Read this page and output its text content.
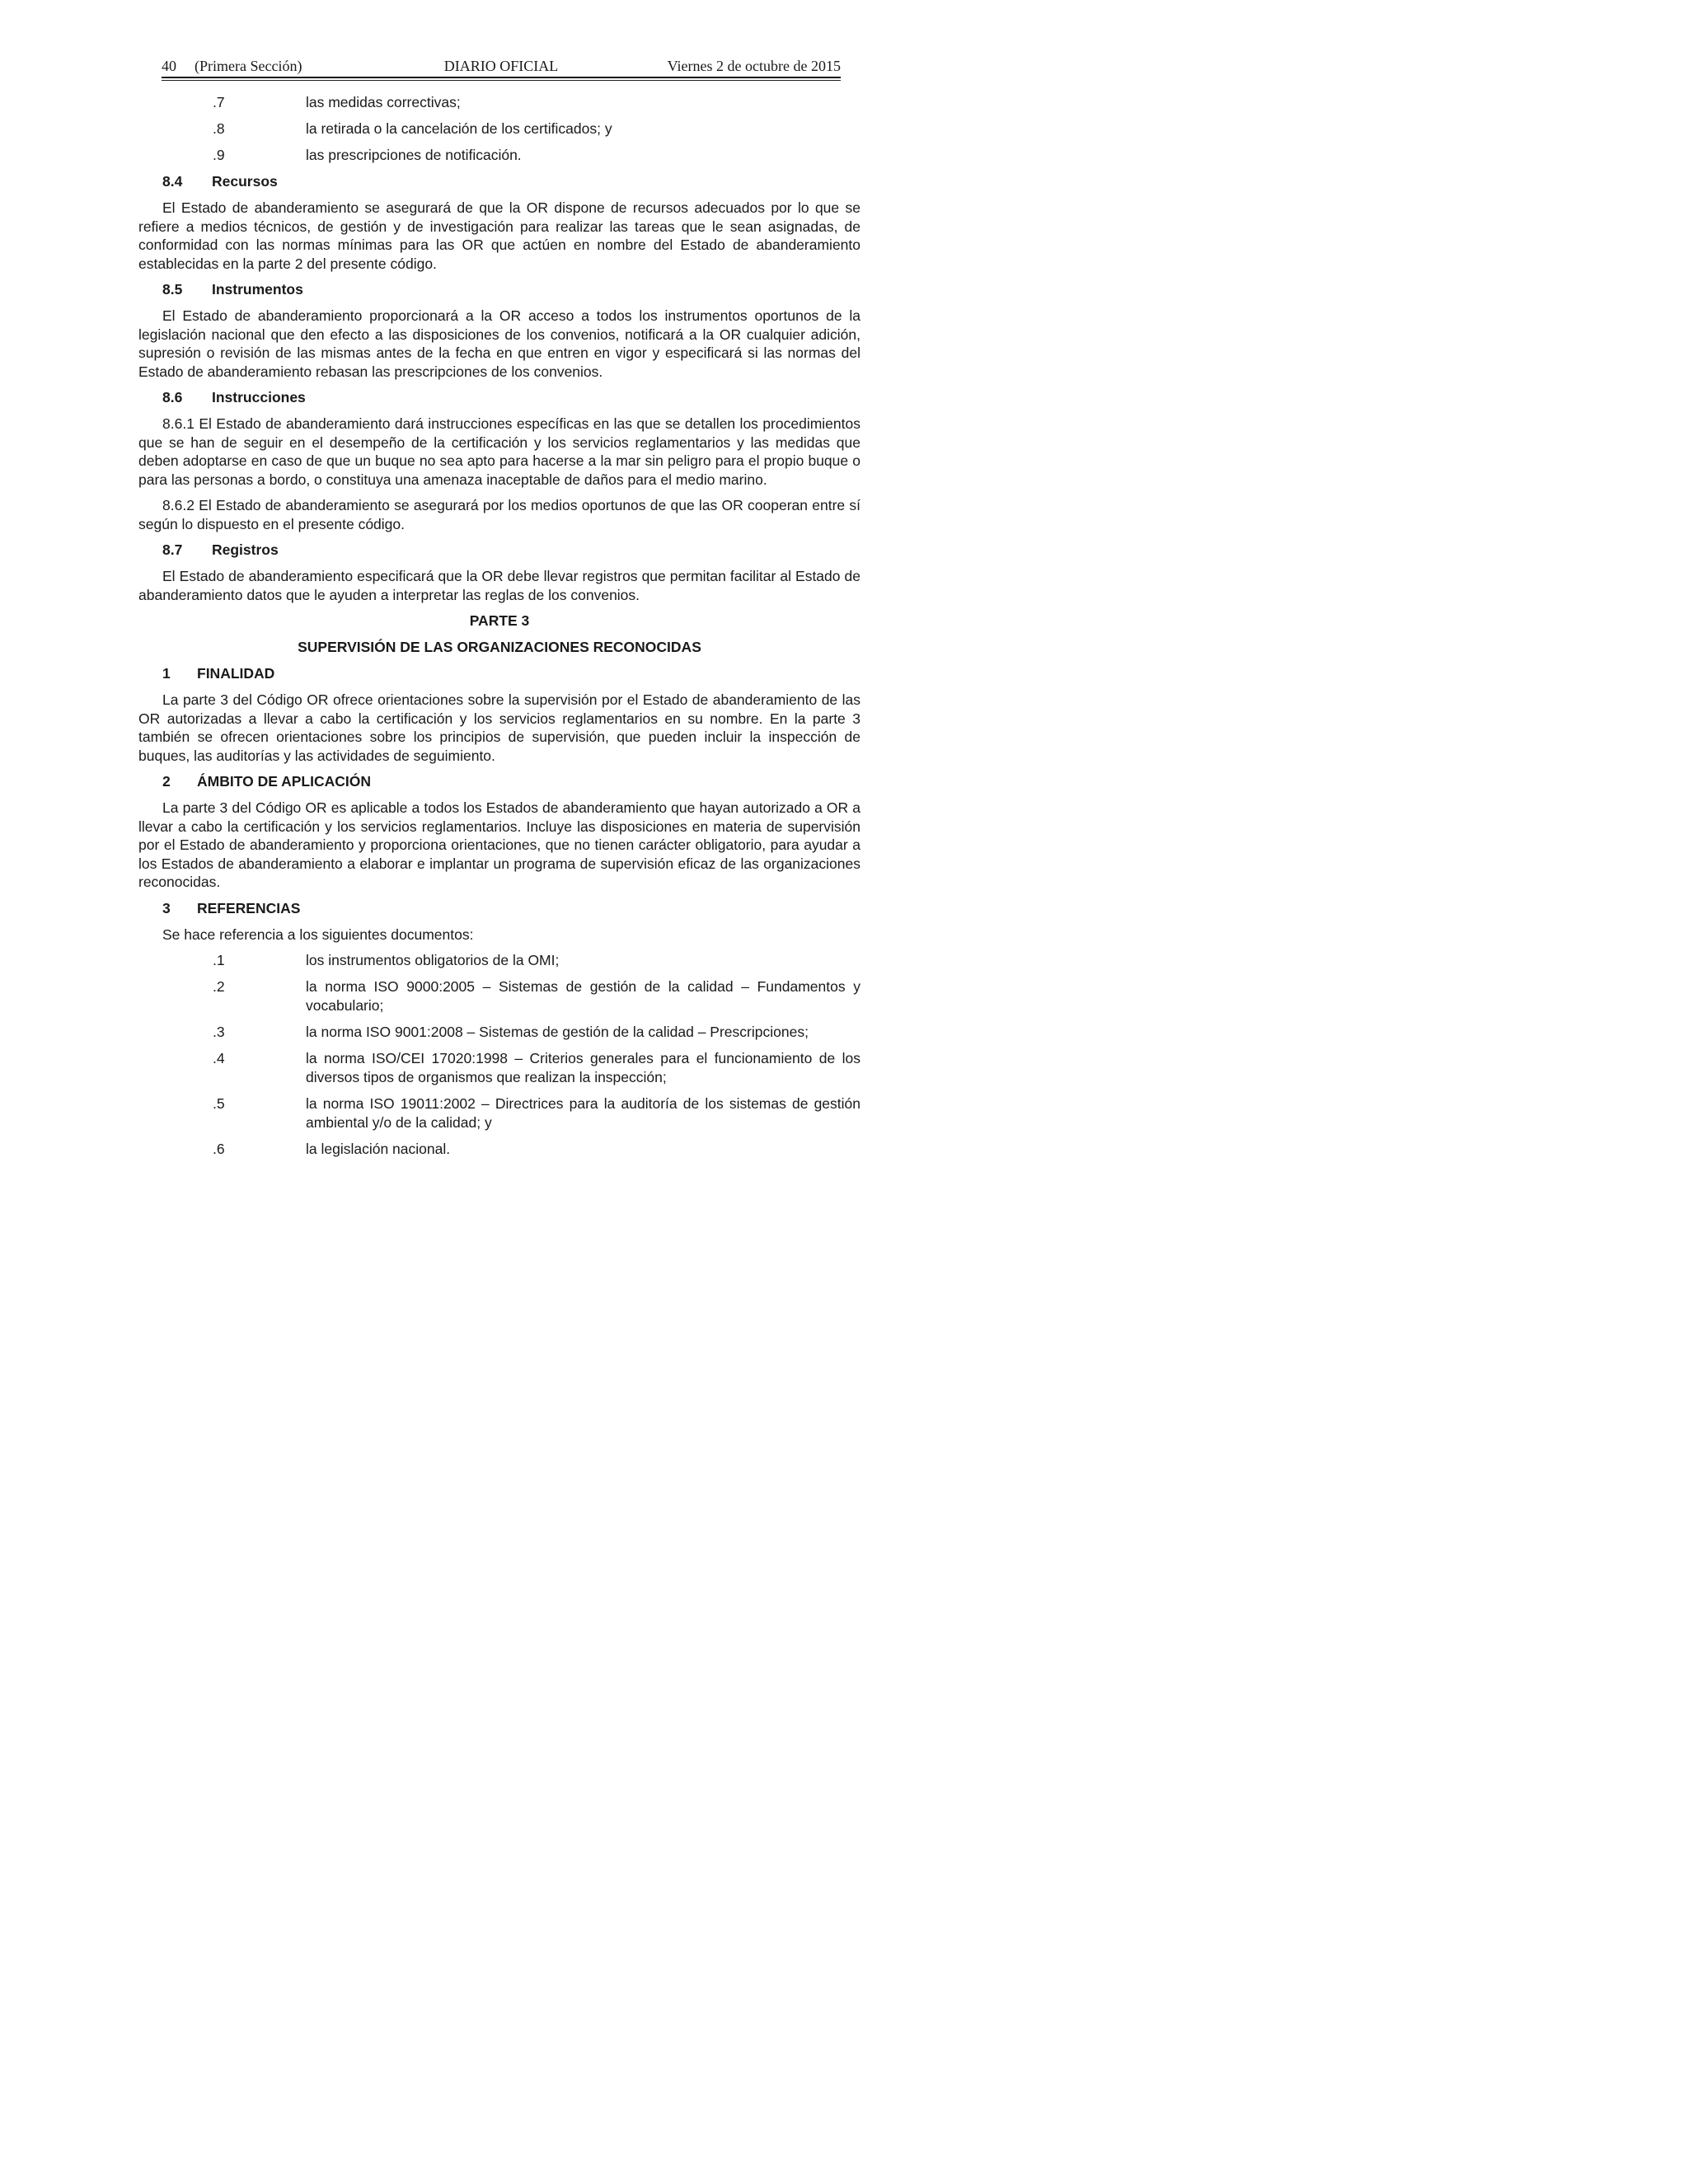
40 (Primera Sección)	DIARIO OFICIAL	Viernes 2 de octubre de 2015
.7	las medidas correctivas;
.8	la retirada o la cancelación de los certificados; y
.9	las prescripciones de notificación.
8.4	Recursos
El Estado de abanderamiento se asegurará de que la OR dispone de recursos adecuados por lo que se refiere a medios técnicos, de gestión y de investigación para realizar las tareas que le sean asignadas, de conformidad con las normas mínimas para las OR que actúen en nombre del Estado de abanderamiento establecidas en la parte 2 del presente código.
8.5	Instrumentos
El Estado de abanderamiento proporcionará a la OR acceso a todos los instrumentos oportunos de la legislación nacional que den efecto a las disposiciones de los convenios, notificará a la OR cualquier adición, supresión o revisión de las mismas antes de la fecha en que entren en vigor y especificará si las normas del Estado de abanderamiento rebasan las prescripciones de los convenios.
8.6	Instrucciones
8.6.1 El Estado de abanderamiento dará instrucciones específicas en las que se detallen los procedimientos que se han de seguir en el desempeño de la certificación y los servicios reglamentarios y las medidas que deben adoptarse en caso de que un buque no sea apto para hacerse a la mar sin peligro para el propio buque o para las personas a bordo, o constituya una amenaza inaceptable de daños para el medio marino.
8.6.2 El Estado de abanderamiento se asegurará por los medios oportunos de que las OR cooperan entre sí según lo dispuesto en el presente código.
8.7	Registros
El Estado de abanderamiento especificará que la OR debe llevar registros que permitan facilitar al Estado de abanderamiento datos que le ayuden a interpretar las reglas de los convenios.
PARTE 3
SUPERVISIÓN DE LAS ORGANIZACIONES RECONOCIDAS
1	FINALIDAD
La parte 3 del Código OR ofrece orientaciones sobre la supervisión por el Estado de abanderamiento de las OR autorizadas a llevar a cabo la certificación y los servicios reglamentarios en su nombre. En la parte 3 también se ofrecen orientaciones sobre los principios de supervisión, que pueden incluir la inspección de buques, las auditorías y las actividades de seguimiento.
2	ÁMBITO DE APLICACIÓN
La parte 3 del Código OR es aplicable a todos los Estados de abanderamiento que hayan autorizado a OR a llevar a cabo la certificación y los servicios reglamentarios. Incluye las disposiciones en materia de supervisión por el Estado de abanderamiento y proporciona orientaciones, que no tienen carácter obligatorio, para ayudar a los Estados de abanderamiento a elaborar e implantar un programa de supervisión eficaz de las organizaciones reconocidas.
3	REFERENCIAS
Se hace referencia a los siguientes documentos:
.1	los instrumentos obligatorios de la OMI;
.2	la norma ISO 9000:2005 – Sistemas de gestión de la calidad – Fundamentos y vocabulario;
.3	la norma ISO 9001:2008 – Sistemas de gestión de la calidad – Prescripciones;
.4	la norma ISO/CEI 17020:1998 – Criterios generales para el funcionamiento de los diversos tipos de organismos que realizan la inspección;
.5	la norma ISO 19011:2002 – Directrices para la auditoría de los sistemas de gestión ambiental y/o de la calidad; y
.6	la legislación nacional.
